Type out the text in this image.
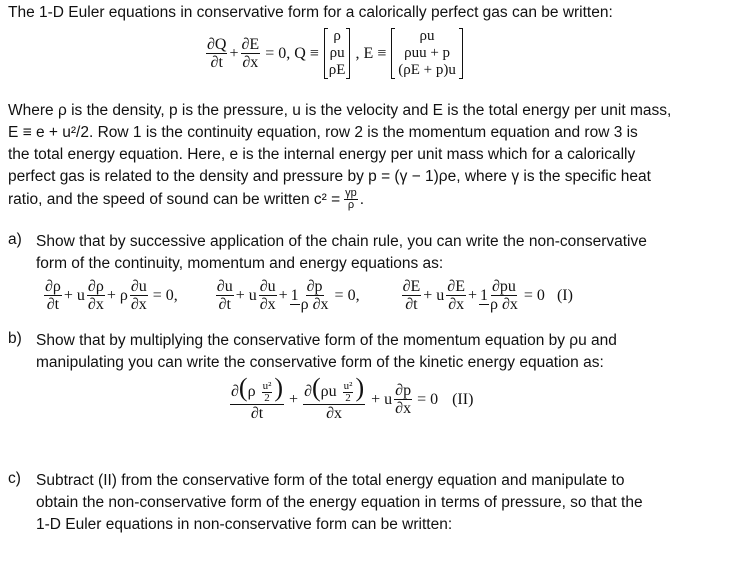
The 1-D Euler equations in conservative form for a calorically perfect gas can be written:

$\frac{\partial Q}{\partial t} + \frac{\partial E}{\partial x} = 0$, Q ≡
ρ
ρu
ρE
, E ≡
ρu
ρuu + p
(ρE + p)u

Where ρ is the density, p is the pressure, u is the velocity and E is the total energy per unit mass,

E ≡ e + u²/2. Row 1 is the continuity equation, row 2 is the momentum equation and row 3 is

the total energy equation. Here, e is the internal energy per unit mass which for a calorically

perfect gas is related to the density and pressure by p = (γ − 1)ρe, where γ is the specific heat

ratio, and the speed of sound can be written $c^2 = \frac{\gamma p}{\rho}$ .
a) Show that by successive application of the chain rule, you can write the non-conservative

form of the continuity, momentum and energy equations as:

$\frac{\partial\rho}{\partial t} + u \frac{\partial\rho}{\partial x} + \rho \frac{\partial u}{\partial x} = 0$, $\frac{\partial u}{\partial t} + u \frac{\partial u}{\partial x} + 1 \frac{\partial p}{\rho \partial x} = 0$,	$\frac{\partial E}{\partial t} + u \frac{\partial E}{\partial x} + 1 \frac{\partial pu}{\rho \partial x} = 0$ (I)
b) Show that by multiplying the conservative form of the momentum equation by ρu and

manipulating you can write the conservative form of the kinetic energy equation as:

$\frac{\partial(\rho \frac{\text{u²}}{2} )}{\partial t} + \frac{\partial(\rho u \frac{\text{u²}}{2} )}{\partial x} + u \frac{\partial p}{\partial x} = 0$ (II)
c) Subtract (II) from the conservative form of the total energy equation and manipulate to

obtain the non-conservative form of the energy equation in terms of pressure, so that the

1-D Euler equations in non-conservative form can be written:
